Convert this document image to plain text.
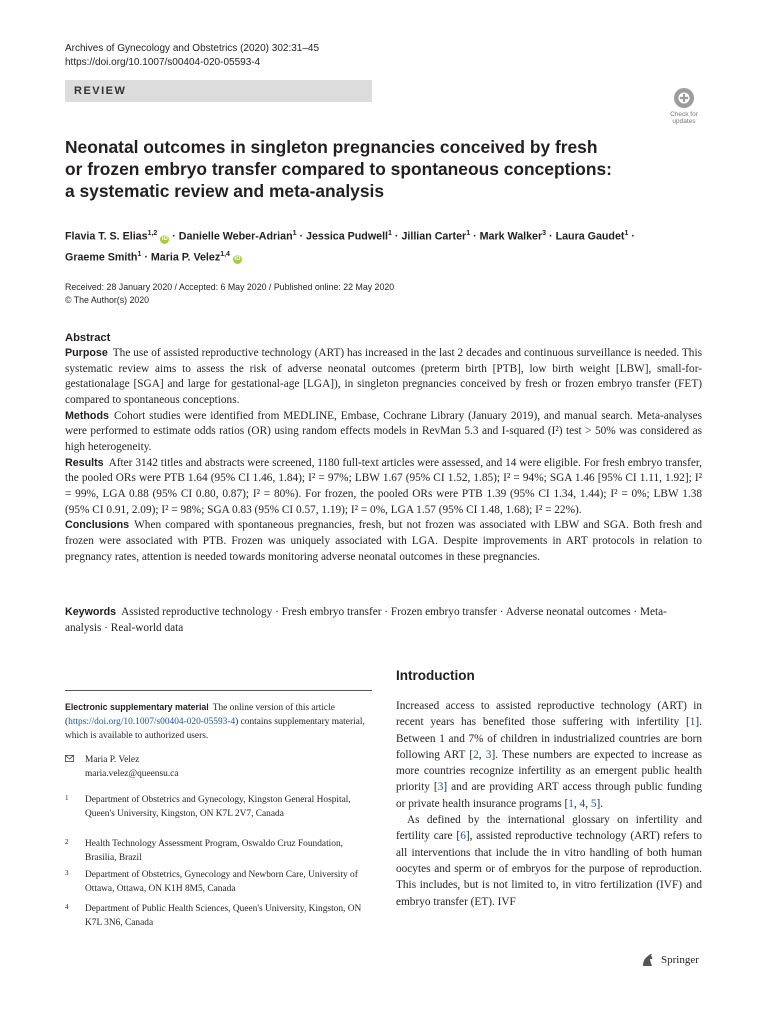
Archives of Gynecology and Obstetrics (2020) 302:31–45
https://doi.org/10.1007/s00404-020-05593-4
REVIEW
Check for
updates
Neonatal outcomes in singleton pregnancies conceived by fresh
or frozen embryo transfer compared to spontaneous conceptions:
a systematic review and meta-analysis
Flavia T. S. Elias$^{1,2}$ iD · Danielle Weber-Adrian$^1$ · Jessica Pudwell$^1$ · Jillian Carter$^1$ · Mark Walker$^3$ · Laura Gaudet$^1$ ·
Graeme Smith$^1$ · Maria P. Velez$^{1,4}$ iD
Received: 28 January 2020 / Accepted: 6 May 2020 / Published online: 22 May 2020
© The Author(s) 2020
Abstract

Purpose The use of assisted reproductive technology (ART) has increased in the last 2 decades and continuous surveillance is needed. This systematic review aims to assess the risk of adverse neonatal outcomes (preterm birth [PTB], low birth weight [LBW], small-for-gestationalage [SGA] and large for gestational-age [LGA]), in singleton pregnancies conceived by fresh or frozen embryo transfer (FET) compared to spontaneous conceptions.

Methods Cohort studies were identified from MEDLINE, Embase, Cochrane Library (January 2019), and manual search. Meta-analyses were performed to estimate odds ratios (OR) using random effects models in RevMan 5.3 and I-squared (I²) test > 50% was considered as high heterogeneity.

Results After 3142 titles and abstracts were screened, 1180 full-text articles were assessed, and 14 were eligible. For fresh embryo transfer, the pooled ORs were PTB 1.64 (95% CI 1.46, 1.84); I² = 97%; LBW 1.67 (95% CI 1.52, 1.85); I² = 94%; SGA 1.46 [95% CI 1.11, 1.92]; I² = 99%, LGA 0.88 (95% CI 0.80, 0.87); I² = 80%). For frozen, the pooled ORs were PTB 1.39 (95% CI 1.34, 1.44); I² = 0%; LBW 1.38 (95% CI 0.91, 2.09); I² = 98%; SGA 0.83 (95% CI 0.57, 1.19); I² = 0%, LGA 1.57 (95% CI 1.48, 1.68); I² = 22%).

Conclusions When compared with spontaneous pregnancies, fresh, but not frozen was associated with LBW and SGA. Both fresh and frozen were associated with PTB. Frozen was uniquely associated with LGA. Despite improvements in ART protocols in relation to pregnancy rates, attention is needed towards monitoring adverse neonatal outcomes in these pregnancies.

Keywords Assisted reproductive technology · Fresh embryo transfer · Frozen embryo transfer · Adverse neonatal outcomes · Meta-analysis · Real-world data
Electronic supplementary material The online version of this article (https://doi.org/10.1007/s00404-020-05593-4) contains supplementary material, which is available to authorized users.
Maria P. Velez
maria.velez@queensu.ca
1 Department of Obstetrics and Gynecology, Kingston General Hospital, Queen's University, Kingston, ON K7L 2V7, Canada
2 Health Technology Assessment Program, Oswaldo Cruz Foundation, Brasilia, Brazil
3 Department of Obstetrics, Gynecology and Newborn Care, University of Ottawa, Ottawa, ON K1H 8M5, Canada
4 Department of Public Health Sciences, Queen's University, Kingston, ON K7L 3N6, Canada
Introduction

Increased access to assisted reproductive technology (ART) in recent years has benefited those suffering with infertility [1]. Between 1 and 7% of children in industrialized countries are born following ART [2, 3]. These numbers are expected to increase as more countries recognize infertility as an emergent public health priority [3] and are providing ART access through public funding or private health insurance programs [1, 4, 5].

As defined by the international glossary on infertility and fertility care [6], assisted reproductive technology (ART) refers to all interventions that include the in vitro handling of both human oocytes and sperm or of embryos for the purpose of reproduction. This includes, but is not limited to, in vitro fertilization (IVF) and embryo transfer (ET). IVF

Springer
